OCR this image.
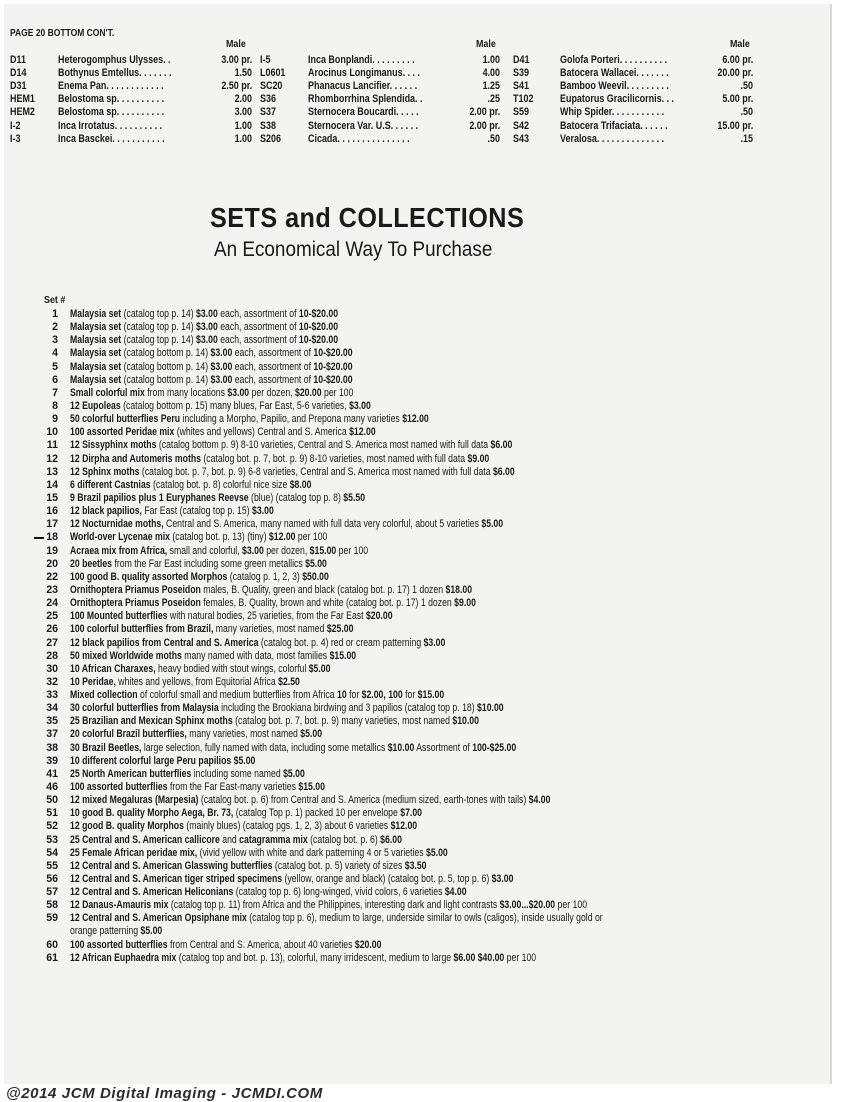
PAGE 20 BOTTOM CON'T.
Male	Male	Male
D11	Heterogomphus Ulysses. .	3.00 pr. I-5	Inca Bonplandi. . . . . . . . .	1.00 D41	Golofa Porteri. . . . . . . . . .	6.00 pr.
D14	Bothynus Emtellus. . . . . . .	1.50 L0601 Arocinus Longimanus. . . .	4.00 S39	Batocera Wallacei. . . . . . .	20.00 pr.
D31	Enema Pan. . . . . . . . . . . .	2.50 pr. SC20 Phanacus Lancifier. . . . . .	1.25 S41	Bamboo Weevil. . . . . . . . .	.50
HEM1 Belostoma sp. . . . . . . . . .	2.00 S36	Rhomborrhina Splendida. .	.25 T102 Eupatorus Gracilicornis. . .	5.00 pr.
HEM2 Belostoma sp. . . . . . . . . .	3.00 S37	Sternocera Boucardi. . . . .	2.00 pr. S59	Whip Spider. . . . . . . . . . .	.50
I-2	Inca Irrotatus. . . . . . . . . .	1.00 S38	Sternocera Var. U.S. . . . . .	2.00 pr. S42	Batocera Trifaciata. . . . . .	15.00 pr.
I-3	Inca Basckei. . . . . . . . . . .	1.00 S206	Cicada. . . . . . . . . . . . . . .	.50 S43	Veralosa. . . . . . . . . . . . . .	.15
SETS and COLLECTIONS
An Economical Way To Purchase
Set #
1 Malaysia set (catalog top p. 14) $3.00 each, assortment of 10-$20.00
2 Malaysia set (catalog top p. 14) $3.00 each, assortment of 10-$20.00
3 Malaysia set (catalog top p. 14) $3.00 each, assortment of 10-$20.00
4 Malaysia set (catalog bottom p. 14) $3.00 each, assortment of 10-$20.00
5 Malaysia set (catalog bottom p. 14) $3.00 each, assortment of 10-$20.00
6 Malaysia set (catalog bottom p. 14) $3.00 each, assortment of 10-$20.00
7 Small colorful mix from many locations $3.00 per dozen, $20.00 per 100
8 12 Eupoleas (catalog bottom p. 15) many blues, Far East, 5-6 varieties, $3.00
9 50 colorful butterflies Peru including a Morpho, Papilio, and Prepona many varieties $12.00
10 100 assorted Peridae mix (whites and yellows) Central and S. America $12.00
11 12 Sissyphinx moths (catalog bottom p. 9) 8-10 varieties, Central and S. America most named with full data $6.00
12 12 Dirpha and Automeris moths (catalog bot. p. 7, bot. p. 9) 8-10 varieties, most named with full data $9.00
13 12 Sphinx moths (catalog bot. p. 7, bot. p. 9) 6-8 varieties, Central and S. America most named with full data $6.00
14 6 different Castnias (catalog bot. p. 8) colorful nice size $8.00
15 9 Brazil papilios plus 1 Euryphanes Reevse (blue) (catalog top p. 8) $5.50
16 12 black papilios, Far East (catalog top p. 15) $3.00
17 12 Nocturnidae moths, Central and S. America, many named with full data very colorful, about 5 varieties $5.00
18 World-over Lycenae mix (catalog bot. p. 13) (tiny) $12.00 per 100
19 Acraea mix from Africa, small and colorful, $3.00 per dozen, $15.00 per 100
20 20 beetles from the Far East including some green metallics $5.00
22 100 good B. quality assorted Morphos (catalog p. 1, 2, 3) $50.00
23 Ornithoptera Priamus Poseidon males, B. Quality, green and black (catalog bot. p. 17) 1 dozen $18.00
24 Ornithoptera Priamus Poseidon females, B. Quality, brown and white (catalog bot. p. 17) 1 dozen $9.00
25 100 Mounted butterflies with natural bodies, 25 varieties, from the Far East $20.00
26 100 colorful butterflies from Brazil, many varieties, most named $25.00
27 12 black papilios from Central and S. America (catalog bot. p. 4) red or cream patterning $3.00
28 50 mixed Worldwide moths many named with data, most families $15.00
30 10 African Charaxes, heavy bodied with stout wings, colorful $5.00
32 10 Peridae, whites and yellows, from Equitorial Africa $2.50
33 Mixed collection of colorful small and medium butterflies from Africa 10 for $2.00, 100 for $15.00
34 30 colorful butterflies from Malaysia including the Brookiana birdwing and 3 papilios (catalog top p. 18) $10.00
35 25 Brazilian and Mexican Sphinx moths (catalog bot. p. 7, bot. p. 9) many varieties, most named $10.00
37 20 colorful Brazil butterflies, many varieties, most named $5.00
38 30 Brazil Beetles, large selection, fully named with data, including some metallics $10.00 Assortment of 100-$25.00
39 10 different colorful large Peru papilios $5.00
41 25 North American butterflies including some named $5.00
46 100 assorted butterflies from the Far East-many varieties $15.00
50 12 mixed Megaluras (Marpesia) (catalog bot. p. 6) from Central and S. America (medium sized, earth-tones with tails) $4.00
51 10 good B. quality Morpho Aega, Br. 73, (catalog Top p. 1) packed 10 per envelope $7.00
52 12 good B. quality Morphos (mainly blues) (catalog pgs. 1, 2, 3) about 6 varieties $12.00
53 25 Central and S. American callicore and catagramma mix (catalog bot. p. 6) $6.00
54 25 Female African peridae mix, (vivid yellow with white and dark patterning 4 or 5 varieties $5.00
55 12 Central and S. American Glasswing butterflies (catalog bot. p. 5) variety of sizes $3.50
56 12 Central and S. American tiger striped specimens (yellow, orange and black) (catalog bot. p. 5, top p. 6) $3.00
57 12 Central and S. American Heliconians (catalog top p. 6) long-winged, vivid colors, 6 varieties $4.00
58 12 Danaus-Amauris mix (catalog top p. 11) from Africa and the Philippines, interesting dark and light contrasts $3.00...$20.00 per 100
59 12 Central and S. American Opsiphane mix (catalog top p. 6), medium to large, underside similar to owls (caligos), inside usually gold or
orange patterning $5.00
60 100 assorted butterflies from Central and S. America, about 40 varieties $20.00
61 12 African Euphaedra mix (catalog top and bot. p. 13), colorful, many irridescent, medium to large $6.00 $40.00 per 100
@2014 JCM Digital Imaging - JCMDI.COM
